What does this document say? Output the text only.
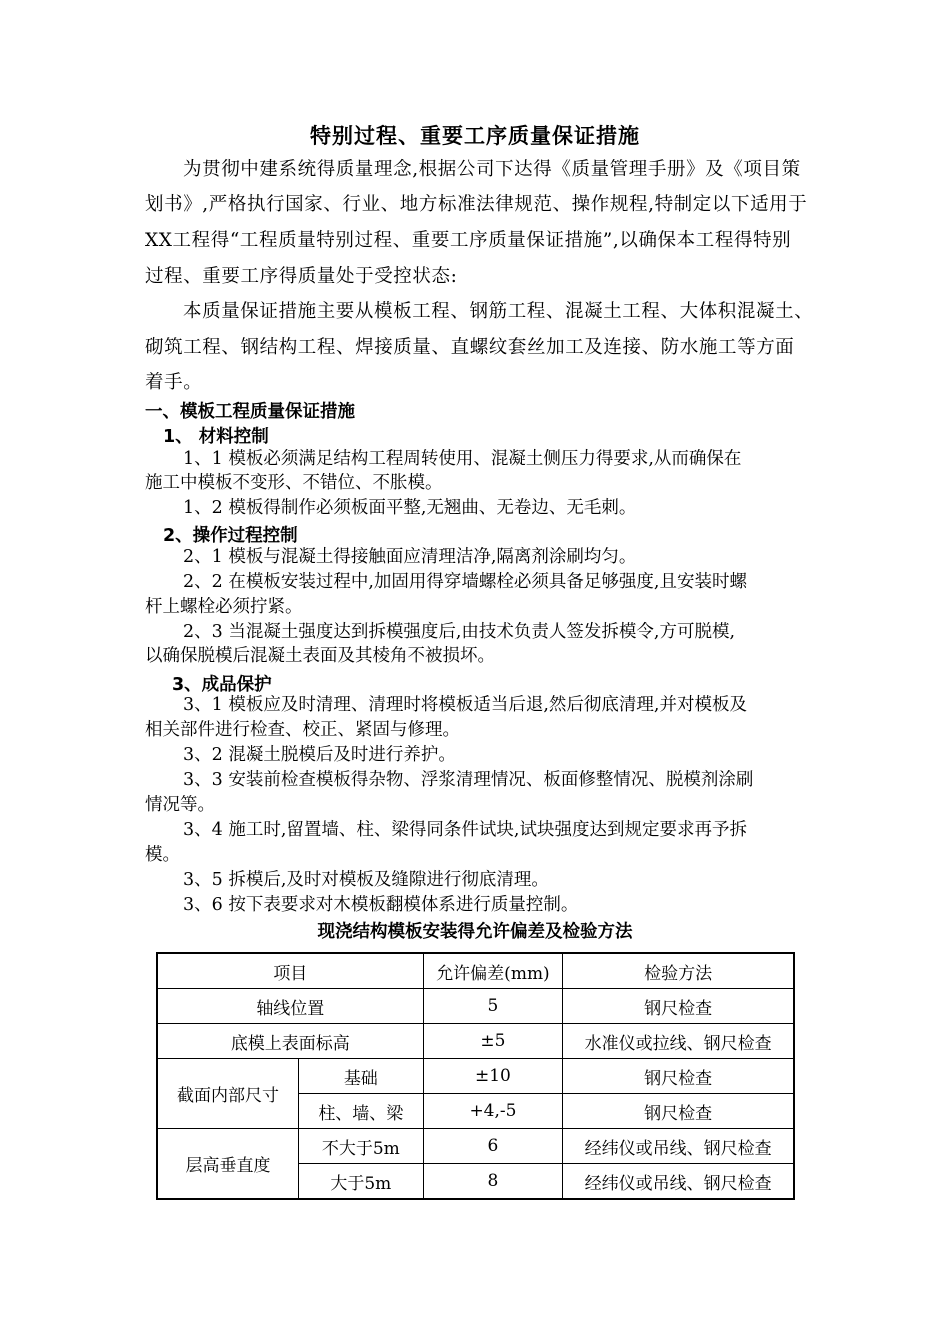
特别过程、重要工序质量保证措施
为贯彻中建系统得质量理念,根据公司下达得《质量管理手册》及《项目策
划书》,严格执行国家、行业、地方标准法律规范、操作规程,特制定以下适用于
XX工程得“工程质量特别过程、重要工序质量保证措施”,以确保本工程得特别
过程、重要工序得质量处于受控状态:
本质量保证措施主要从模板工程、钢筋工程、混凝土工程、大体积混凝土、
砌筑工程、钢结构工程、焊接质量、直螺纹套丝加工及连接、防水施工等方面
着手。
一、模板工程质量保证措施
1、 材料控制
1、1 模板必须满足结构工程周转使用、混凝土侧压力得要求,从而确保在
施工中模板不变形、不错位、不胀模。
1、2 模板得制作必须板面平整,无翘曲、无卷边、无毛刺。
2、操作过程控制
2、1 模板与混凝土得接触面应清理洁净,隔离剂涂刷均匀。
2、2 在模板安装过程中,加固用得穿墙螺栓必须具备足够强度,且安装时螺
杆上螺栓必须拧紧。
2、3 当混凝土强度达到拆模强度后,由技术负责人签发拆模令,方可脱模,
以确保脱模后混凝土表面及其棱角不被损坏。
3、成品保护
3、1 模板应及时清理、清理时将模板适当后退,然后彻底清理,并对模板及
相关部件进行检查、校正、紧固与修理。
3、2 混凝土脱模后及时进行养护。
3、3 安装前检查模板得杂物、浮浆清理情况、板面修整情况、脱模剂涂刷
情况等。
3、4 施工时,留置墙、柱、梁得同条件试块,试块强度达到规定要求再予拆
模。
3、5 拆模后,及时对模板及缝隙进行彻底清理。
3、6 按下表要求对木模板翻模体系进行质量控制。
现浇结构模板安装得允许偏差及检验方法
项目		允许偏差(mm)	检验方法
轴线位置		5	钢尺检查
底模上表面标高		±5	水准仪或拉线、钢尺检查
截面内部尺寸	基础	±10	钢尺检查
	柱、墙、梁	+4,-5	钢尺检查
层高垂直度	不大于5m	6	经纬仪或吊线、钢尺检查
	大于5m	8	经纬仪或吊线、钢尺检查
